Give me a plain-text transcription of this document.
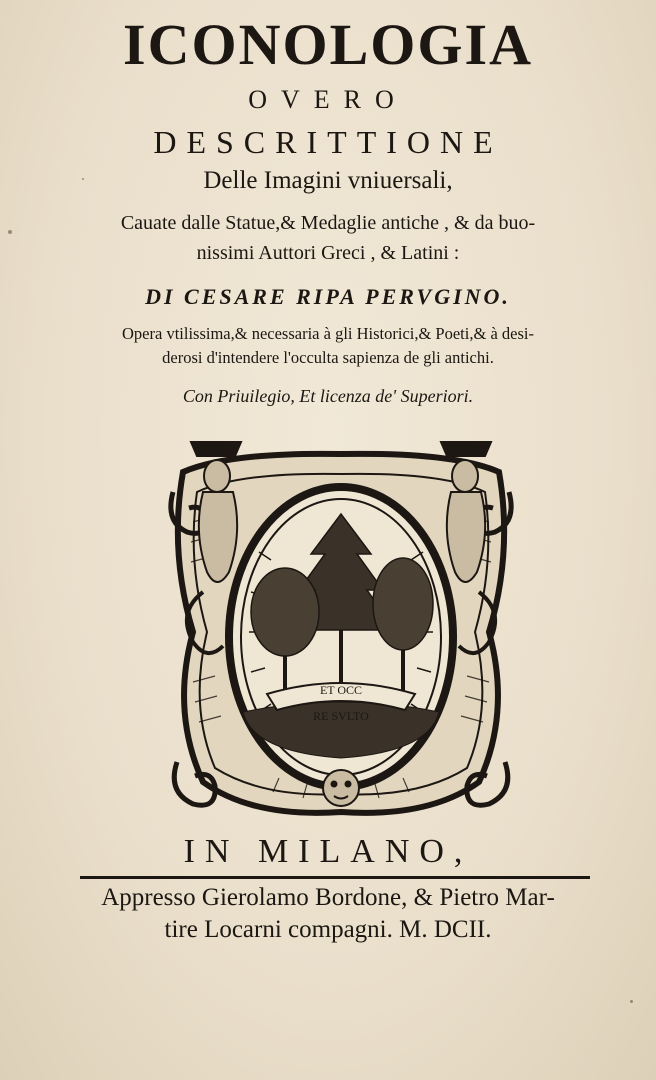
ICONOLOGIA
OVERO
DESCRITTIONE
Delle Imagini vniuersali,
Cauate dalle Statue,& Medaglie antiche , & da buo-
nissimi Auttori Greci , & Latini :
DI CESARE RIPA PERVGINO.
Opera vtilissima,& necessaria à gli Historici,& Poeti,& à desi-
derosi d'intendere l'occulta sapienza de gli antichi.
Con Priuilegio, Et licenza de' Superiori.
ET OCC
RE SVLTO
IN MILANO,
Appresso Gierolamo Bordone, & Pietro Mar-
tire Locarni compagni. M. DCII.
